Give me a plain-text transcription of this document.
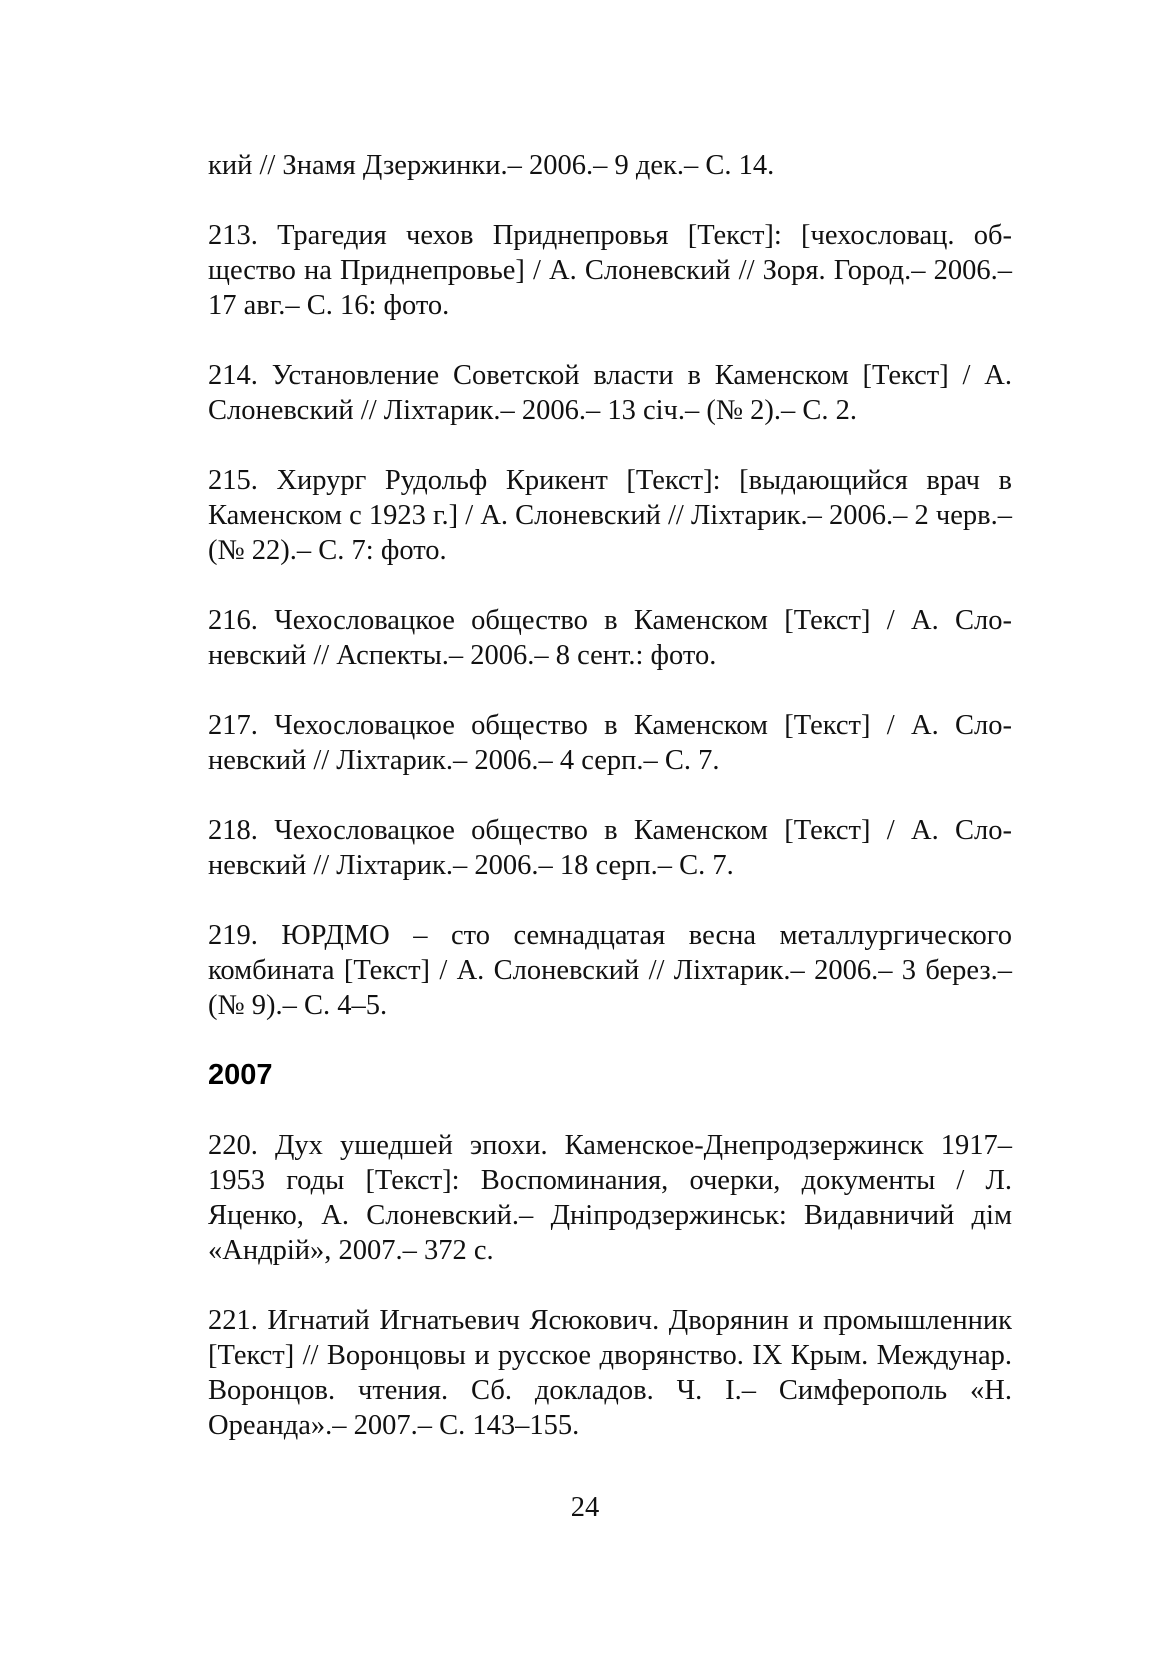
кий // Знамя Дзержинки.– 2006.– 9 дек.– С. 14.

213. Трагедия чехов Приднепровья [Текст]: [чехословац. общество на Приднепровье] / А. Слоневский // Зоря. Город.– 2006.– 17 авг.– С. 16: фото.

214. Установление Советской власти в Каменском [Текст] / А. Слоневский // Ліхтарик.– 2006.– 13 січ.– (№ 2).– С. 2.

215. Хирург Рудольф Крикент [Текст]: [выдающийся врач в Каменском с 1923 г.] / А. Слоневский // Ліхтарик.– 2006.– 2 черв.– (№ 22).– С. 7: фото.

216. Чехословацкое общество в Каменском [Текст] / А. Слоневский // Аспекты.– 2006.– 8 сент.: фото.

217. Чехословацкое общество в Каменском [Текст] / А. Слоневский // Ліхтарик.– 2006.– 4 серп.– С. 7.

218. Чехословацкое общество в Каменском [Текст] / А. Слоневский // Ліхтарик.– 2006.– 18 серп.– С. 7.

219. ЮРДМО – сто семнадцатая весна металлургического комбината [Текст] / А. Слоневский // Ліхтарик.– 2006.– 3 берез.– (№ 9).– С. 4–5.

2007

220. Дух ушедшей эпохи. Каменское-Днепродзержинск 1917–1953 годы [Текст]: Воспоминания, очерки, документы / Л. Яценко, А. Слоневский.– Дніпродзержинськ: Видавничий дім «Андрій», 2007.– 372 с.

221. Игнатий Игнатьевич Ясюкович. Дворянин и промышленник [Текст] // Воронцовы и русское дворянство. IX Крым. Междунар. Воронцов. чтения. Сб. докладов. Ч. I.– Симферополь «Н. Ореанда».– 2007.– С. 143–155.

24
